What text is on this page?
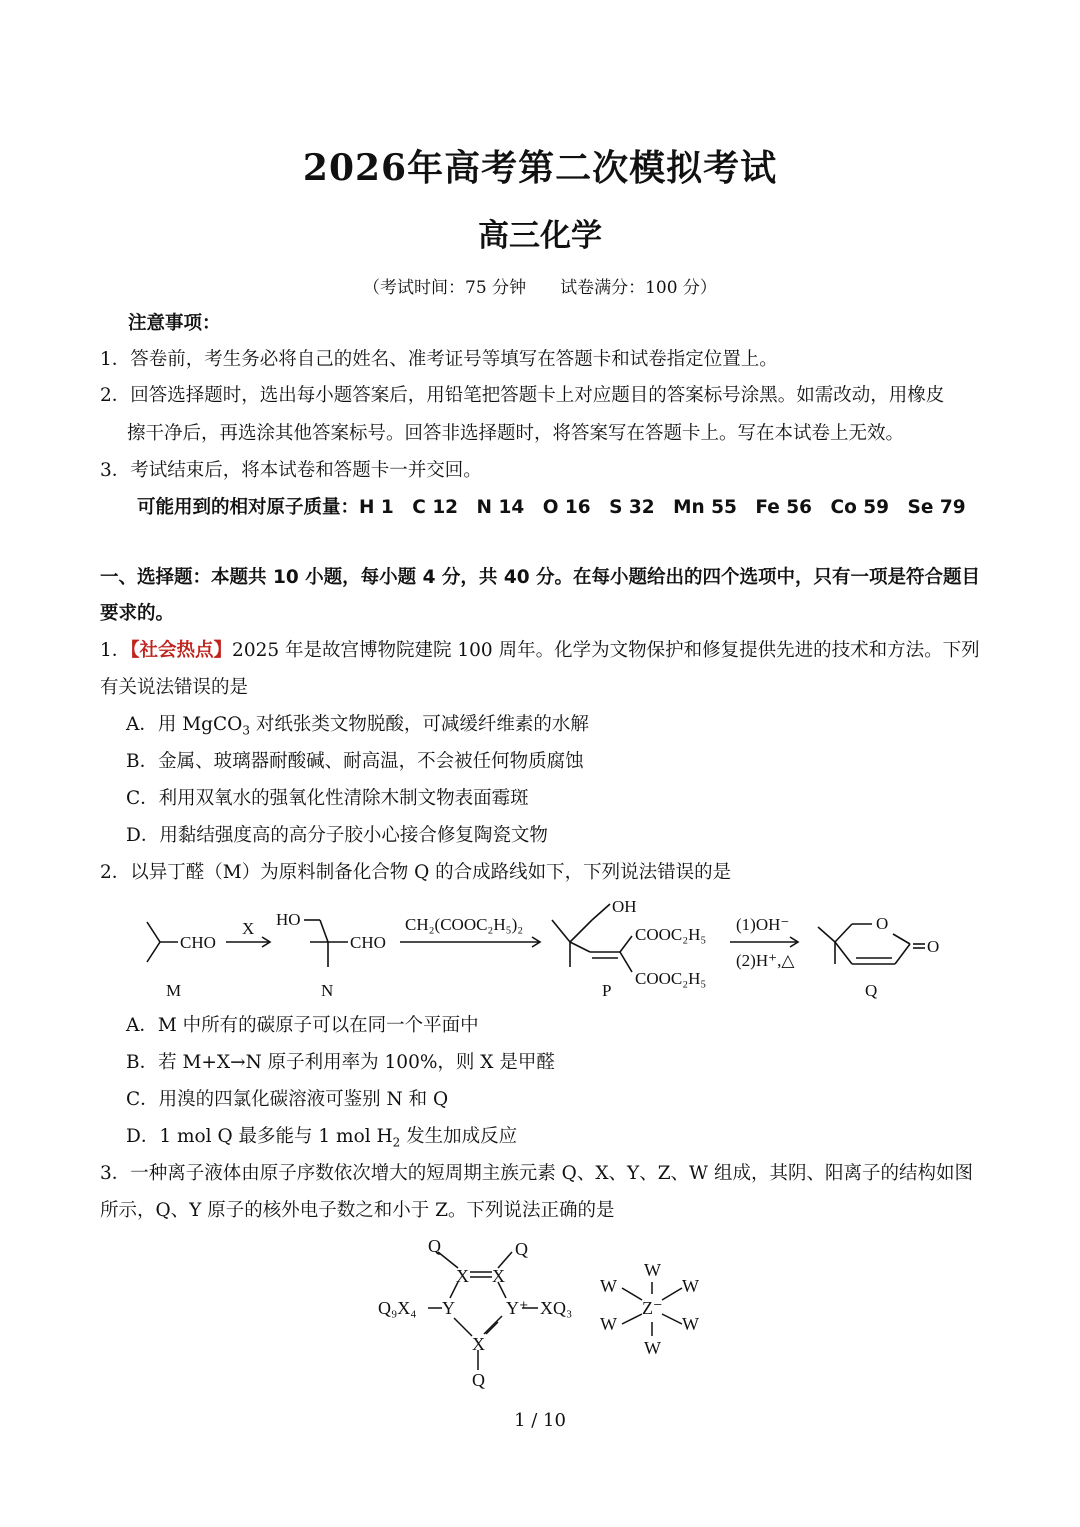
2026年高考第二次模拟考试
高三化学
（考试时间：75 分钟　　试卷满分：100 分）
注意事项：
1．答卷前，考生务必将自己的姓名、准考证号等填写在答题卡和试卷指定位置上。
2．回答选择题时，选出每小题答案后，用铅笔把答题卡上对应题目的答案标号涂黑。如需改动，用橡皮
擦干净后，再选涂其他答案标号。回答非选择题时，将答案写在答题卡上。写在本试卷上无效。
3．考试结束后，将本试卷和答题卡一并交回。
可能用到的相对原子质量：H 1　C 12　N 14　O 16　S 32　Mn 55　Fe 56　Co 59　Se 79
一、选择题：本题共 10 小题，每小题 4 分，共 40 分。在每小题给出的四个选项中，只有一项是符合题目
要求的。
1．【社会热点】2025 年是故宫博物院建院 100 周年。化学为文物保护和修复提供先进的技术和方法。下列
有关说法错误的是
A．用 MgCO$_3$ 对纸张类文物脱酸，可减缓纤维素的水解
B．金属、玻璃器耐酸碱、耐高温，不会被任何物质腐蚀
C．利用双氧水的强氧化性清除木制文物表面霉斑
D．用黏结强度高的高分子胶小心接合修复陶瓷文物
2．以异丁醛（M）为原料制备化合物 Q 的合成路线如下，下列说法错误的是
CHO
X HO
CHO
CH₂(COOC₂H₅)₂
OH
COOC₂H₅
COOC₂H₅
(1)OH⁻
(2)H⁺,△
O
O
M	N	P	Q
A．M 中所有的碳原子可以在同一个平面中
B．若 M+X→N 原子利用率为 100%，则 X 是甲醛
C．用溴的四氯化碳溶液可鉴别 N 和 Q
D．1 mol Q 最多能与 1 mol $H_2$ 发生加成反应
3．一种离子液体由原子序数依次增大的短周期主族元素 Q、X、Y、Z、W 组成，其阴、阳离子的结构如图
所示，Q、Y 原子的核外电子数之和小于 Z。下列说法正确的是
Q	Q
X X
Q₉X₄ Y	Y⁺ XQ₃
X
Q
W
W	W
Z⁻
W	W
W
1 / 10
